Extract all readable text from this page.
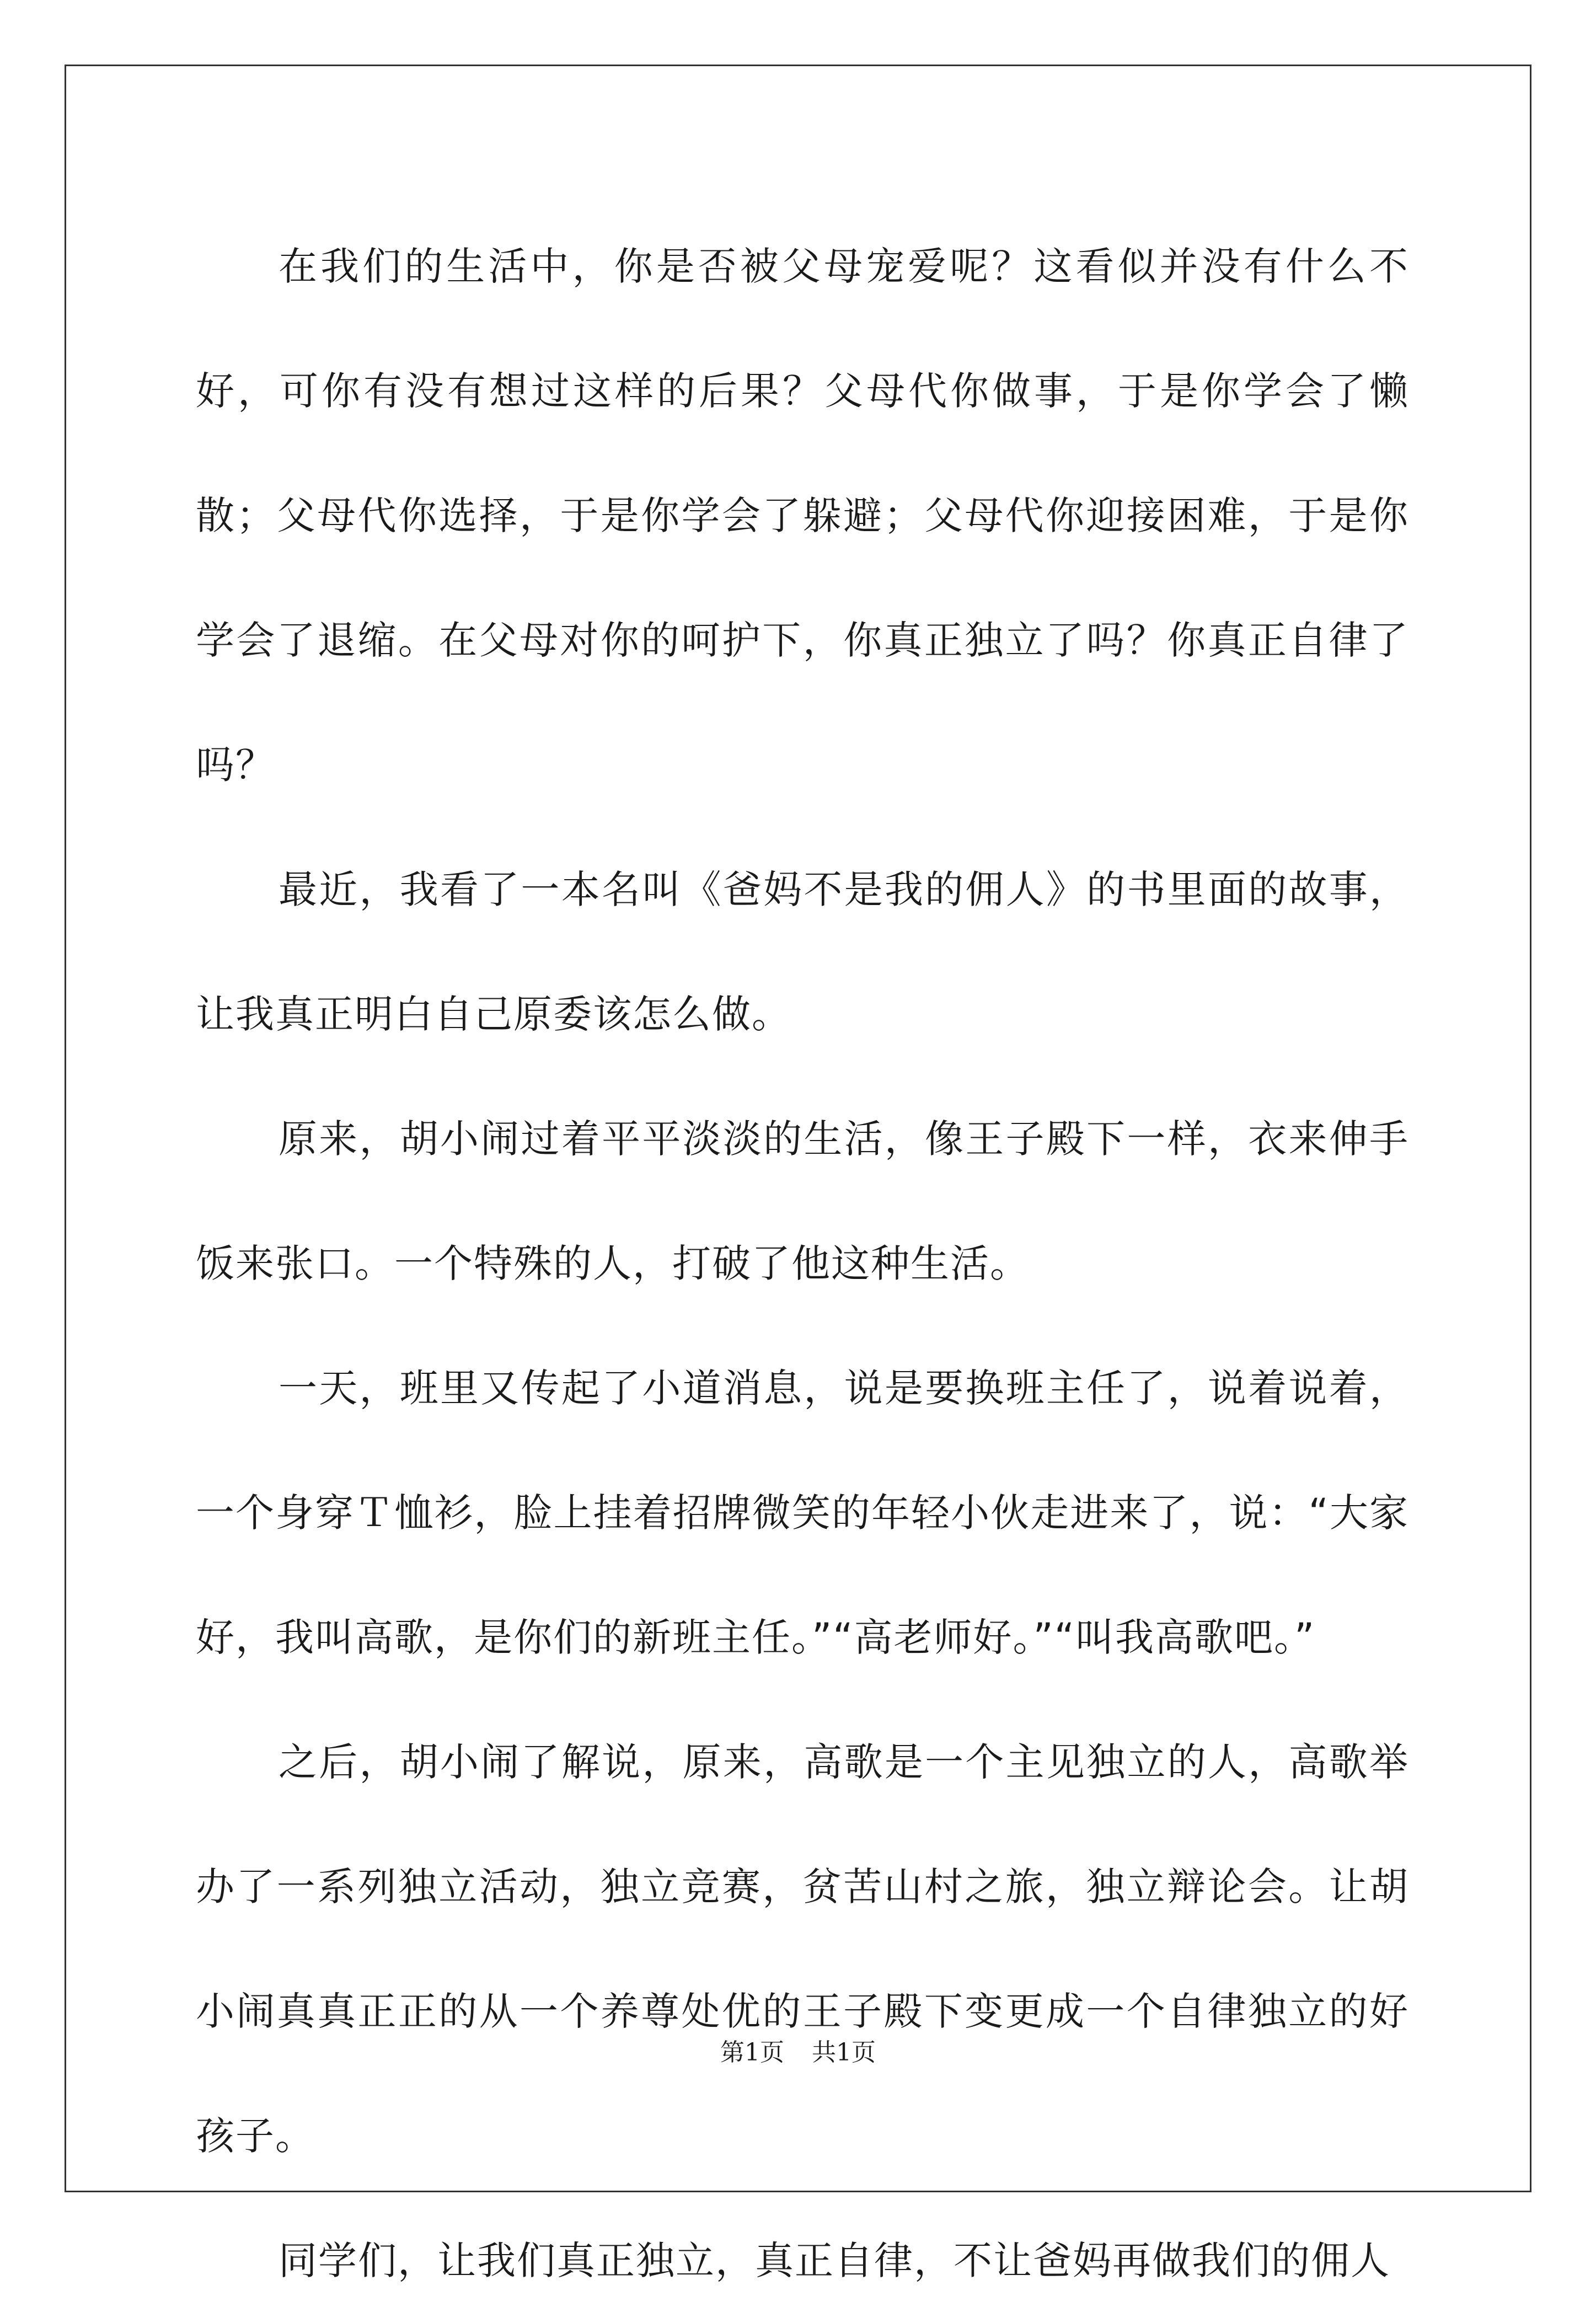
在我们的生活中，你是否被父母宠爱呢？这看似并没有什么不好，可你有没有想过这样的后果？父母代你做事，于是你学会了懒散；父母代你选择，于是你学会了躲避；父母代你迎接困难，于是你学会了退缩。在父母对你的呵护下，你真正独立了吗？你真正自律了吗？

最近，我看了一本名叫《爸妈不是我的佣人》的书里面的故事，让我真正明白自己原委该怎么做。

原来，胡小闹过着平平淡淡的生活，像王子殿下一样，衣来伸手饭来张口。一个特殊的人，打破了他这种生活。

一天，班里又传起了小道消息，说是要换班主任了，说着说着，一个身穿Ｔ恤衫，脸上挂着招牌微笑的年轻小伙走进来了，说：“大家好，我叫高歌，是你们的新班主任。”“高老师好。”“叫我高歌吧。”

之后，胡小闹了解说，原来，高歌是一个主见独立的人，高歌举办了一系列独立活动，独立竞赛，贫苦山村之旅，独立辩论会。让胡小闹真真正正的从一个养尊处优的王子殿下变更成一个自律独立的好孩子。

同学们，让我们真正独立，真正自律，不让爸妈再做我们的佣人

第1页 共1页
